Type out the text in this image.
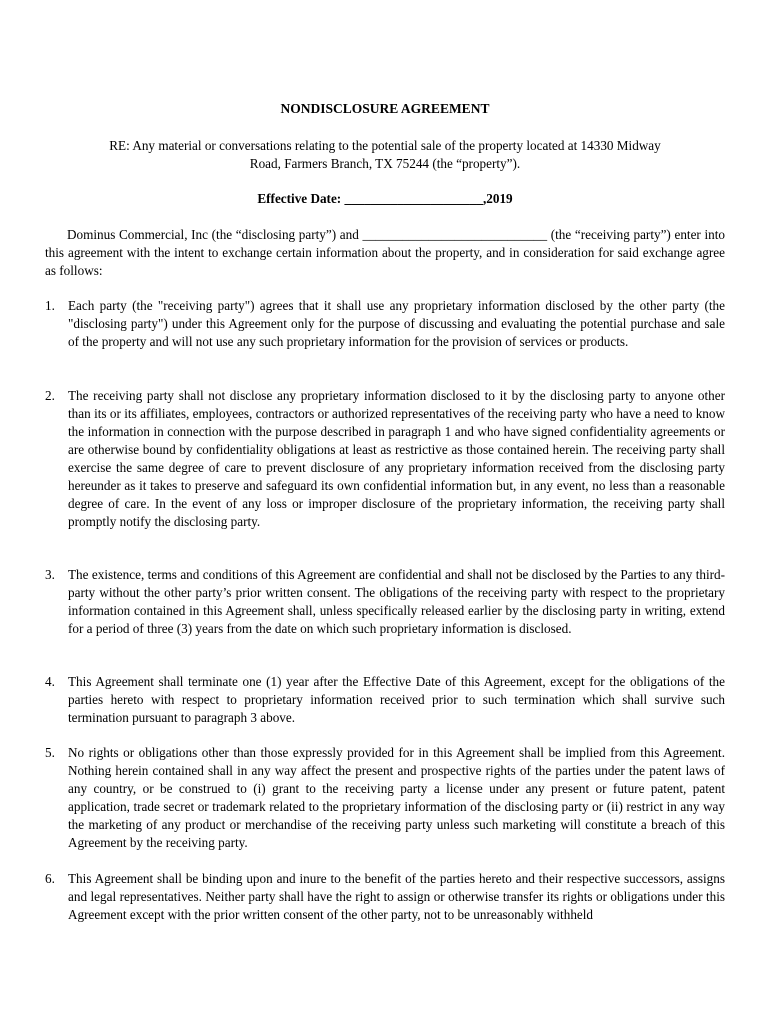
NONDISCLOSURE AGREEMENT
RE: Any material or conversations relating to the potential sale of the property located at 14330 Midway Road, Farmers Branch, TX 75244 (the “property”).
Effective Date: _____________________,2019
Dominus Commercial, Inc (the “disclosing party”) and ____________________________ (the “receiving party”) enter into this agreement with the intent to exchange certain information about the property, and in consideration for said exchange agree as follows:
1. Each party (the "receiving party") agrees that it shall use any proprietary information disclosed by the other party (the "disclosing party") under this Agreement only for the purpose of discussing and evaluating the potential purchase and sale of the property and will not use any such proprietary information for the provision of services or products.
2. The receiving party shall not disclose any proprietary information disclosed to it by the disclosing party to anyone other than its or its affiliates, employees, contractors or authorized representatives of the receiving party who have a need to know the information in connection with the purpose described in paragraph 1 and who have signed confidentiality agreements or are otherwise bound by confidentiality obligations at least as restrictive as those contained herein. The receiving party shall exercise the same degree of care to prevent disclosure of any proprietary information received from the disclosing party hereunder as it takes to preserve and safeguard its own confidential information but, in any event, no less than a reasonable degree of care. In the event of any loss or improper disclosure of the proprietary information, the receiving party shall promptly notify the disclosing party.
3. The existence, terms and conditions of this Agreement are confidential and shall not be disclosed by the Parties to any third-party without the other party’s prior written consent. The obligations of the receiving party with respect to the proprietary information contained in this Agreement shall, unless specifically released earlier by the disclosing party in writing, extend for a period of three (3) years from the date on which such proprietary information is disclosed.
4. This Agreement shall terminate one (1) year after the Effective Date of this Agreement, except for the obligations of the parties hereto with respect to proprietary information received prior to such termination which shall survive such termination pursuant to paragraph 3 above.
5. No rights or obligations other than those expressly provided for in this Agreement shall be implied from this Agreement. Nothing herein contained shall in any way affect the present and prospective rights of the parties under the patent laws of any country, or be construed to (i) grant to the receiving party a license under any present or future patent, patent application, trade secret or trademark related to the proprietary information of the disclosing party or (ii) restrict in any way the marketing of any product or merchandise of the receiving party unless such marketing will constitute a breach of this Agreement by the receiving party.
6. This Agreement shall be binding upon and inure to the benefit of the parties hereto and their respective successors, assigns and legal representatives. Neither party shall have the right to assign or otherwise transfer its rights or obligations under this Agreement except with the prior written consent of the other party, not to be unreasonably withheld
